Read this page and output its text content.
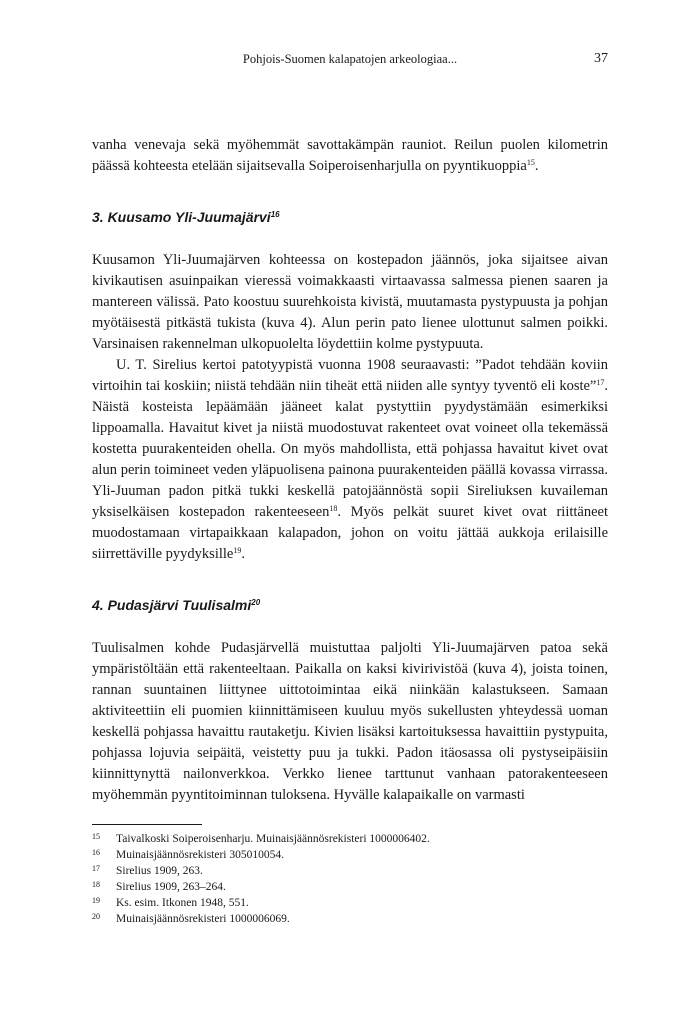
Pohjois-Suomen kalapatojen arkeologiaa...	37

vanha venevaja sekä myöhemmät savottakämpän rauniot. Reilun puolen kilometrin päässä kohteesta etelään sijaitsevalla Soiperoisenharjulla on pyyntikuoppia$^{15}$.

3. Kuusamo Yli-Juumajärvi$^{16}$

Kuusamon Yli-Juumajärven kohteessa on kostepadon jäännös, joka sijaitsee aivan kivikautisen asuinpaikan vieressä voimakkaasti virtaavassa salmessa pienen saaren ja mantereen välissä. Pato koostuu suurehkoista kivistä, muutamasta pystypuusta ja pohjan myötäisestä pitkästä tukista (kuva 4). Alun perin pato lienee ulottunut salmen poikki. Varsinaisen rakennelman ulkopuolelta löydettiin kolme pystypuuta.

U. T. Sirelius kertoi patotyypistä vuonna 1908 seuraavasti: ”Padot tehdään koviin virtoihin tai koskiin; niistä tehdään niin tiheät että niiden alle syntyy tyventö eli koste”$^{17}$. Näistä kosteista lepäämään jääneet kalat pystyttiin pyydystämään esimerkiksi lippoamalla. Havaitut kivet ja niistä muodostuvat rakenteet ovat voineet olla tekemässä kostetta puurakenteiden ohella. On myös mahdollista, että pohjassa havaitut kivet ovat alun perin toimineet veden yläpuolisena painona puurakenteiden päällä kovassa virrassa. Yli-Juuman padon pitkä tukki keskellä patojäännöstä sopii Sireliuksen kuvaileman yksiselkäisen kostepadon rakenteeseen$^{18}$. Myös pelkät suuret kivet ovat riittäneet muodostamaan virtapaikkaan kalapadon, johon on voitu jättää aukkoja erilaisille siirrettäville pyydyksille$^{19}$.

4. Pudasjärvi Tuulisalmi$^{20}$

Tuulisalmen kohde Pudasjärvellä muistuttaa paljolti Yli-Juumajärven patoa sekä ympäristöltään että rakenteeltaan. Paikalla on kaksi kivirivistöä (kuva 4), joista toinen, rannan suuntainen liittynee uittotoimintaa eikä niinkään kalastukseen. Samaan aktiviteettiin eli puomien kiinnittämiseen kuuluu myös sukellusten yhteydessä uoman keskellä pohjassa havaittu rautaketju. Kivien lisäksi kartoituksessa havaittiin pystypuita, pohjassa lojuvia seipäitä, veistetty puu ja tukki. Padon itäosassa oli pystyseipäisiin kiinnittynyttä nailonverkkoa. Verkko lienee tarttunut vanhaan patorakenteeseen myöhemmän pyyntitoiminnan tuloksena. Hyvälle kalapaikalle on varmasti

15	Taivalkoski Soiperoisenharju. Muinaisjäännösrekisteri 1000006402.
16	Muinaisjäännösrekisteri 305010054.
17	Sirelius 1909, 263.
18	Sirelius 1909, 263–264.
19	Ks. esim. Itkonen 1948, 551.
20	Muinaisjäännösrekisteri 1000006069.
